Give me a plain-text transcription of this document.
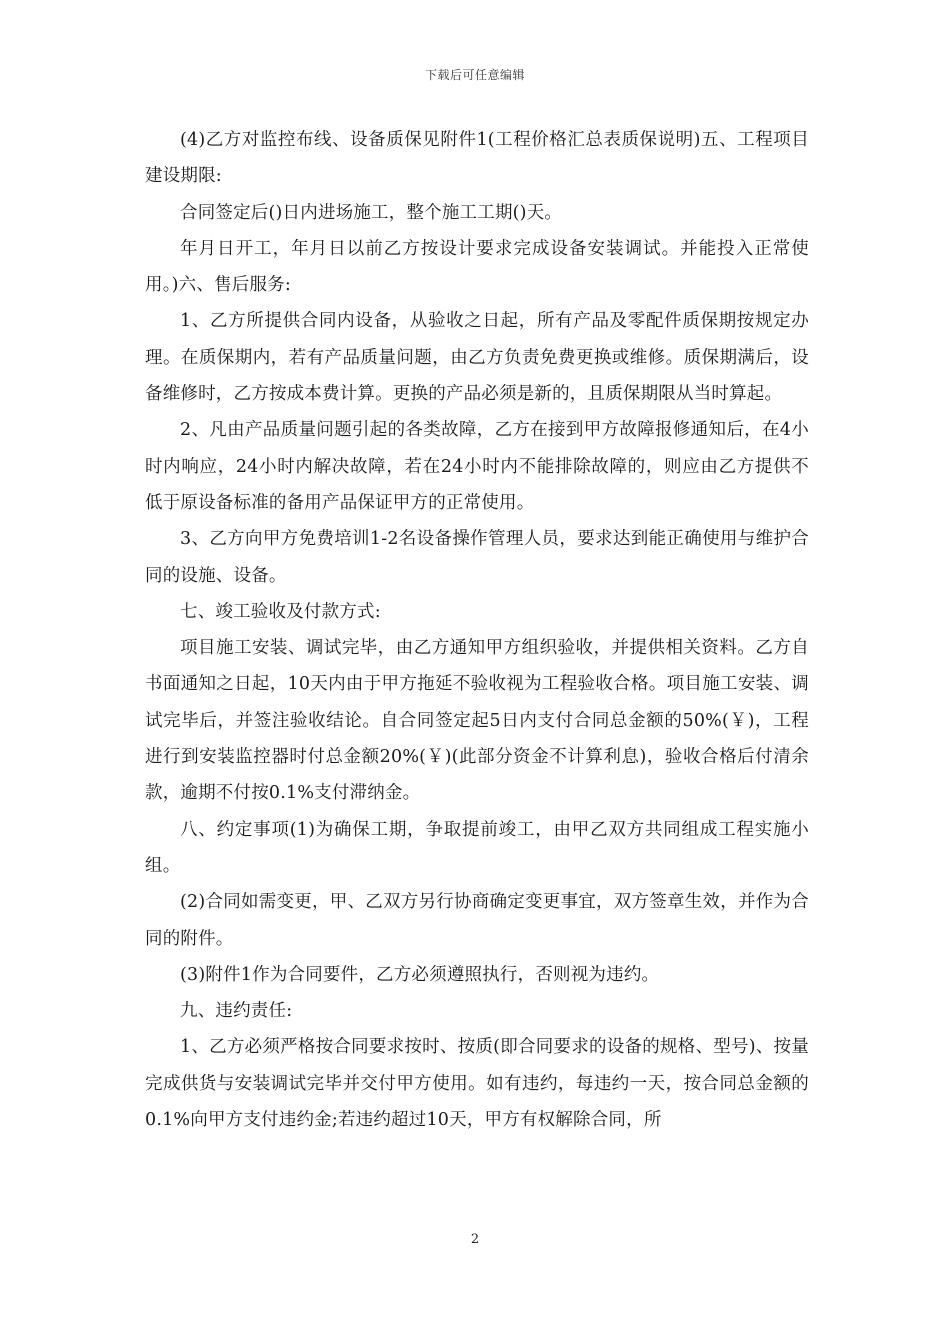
下载后可任意编辑

(4)乙方对监控布线、设备质保见附件1(工程价格汇总表质保说明)五、工程项目建设期限:

合同签定后()日内进场施工，整个施工工期()天。

年月日开工，年月日以前乙方按设计要求完成设备安装调试。并能投入正常使用。)六、售后服务:

1、乙方所提供合同内设备，从验收之日起，所有产品及零配件质保期按规定办理。在质保期内，若有产品质量问题，由乙方负责免费更换或维修。质保期满后，设备维修时，乙方按成本费计算。更换的产品必须是新的，且质保期限从当时算起。

2、凡由产品质量问题引起的各类故障，乙方在接到甲方故障报修通知后，在4小时内响应，24小时内解决故障，若在24小时内不能排除故障的，则应由乙方提供不低于原设备标准的备用产品保证甲方的正常使用。

3、乙方向甲方免费培训1-2名设备操作管理人员，要求达到能正确使用与维护合同的设施、设备。

七、竣工验收及付款方式:

项目施工安装、调试完毕，由乙方通知甲方组织验收，并提供相关资料。乙方自书面通知之日起，10天内由于甲方拖延不验收视为工程验收合格。项目施工安装、调试完毕后，并签注验收结论。自合同签定起5日内支付合同总金额的50%(￥)，工程进行到安装监控器时付总金额20%(￥)(此部分资金不计算利息)，验收合格后付清余款，逾期不付按0.1%支付滞纳金。

八、约定事项(1)为确保工期，争取提前竣工，由甲乙双方共同组成工程实施小组。

(2)合同如需变更，甲、乙双方另行协商确定变更事宜，双方签章生效，并作为合同的附件。

(3)附件1作为合同要件，乙方必须遵照执行，否则视为违约。

九、违约责任:

1、乙方必须严格按合同要求按时、按质(即合同要求的设备的规格、型号)、按量完成供货与安装调试完毕并交付甲方使用。如有违约，每违约一天，按合同总金额的0.1%向甲方支付违约金;若违约超过10天，甲方有权解除合同，所

2
